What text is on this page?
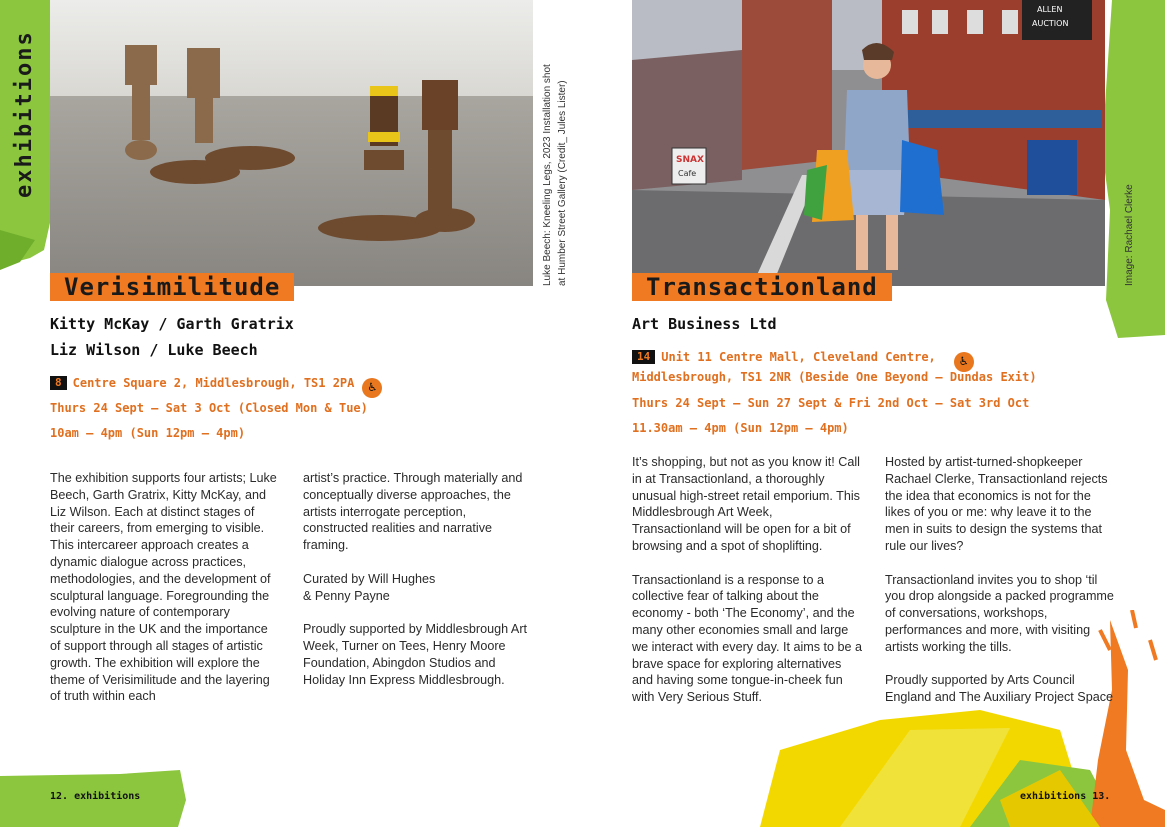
exhibitions	Luke Beech: Kneeling Legs, 2023 Installation shot at Humber Street Gallery (Credit_ Jules Lister)
Verisimilitude
Kitty McKay / Garth Gratrix
Liz Wilson / Luke Beech
8 Centre Square 2, Middlesbrough, TS1 2PA ♿
Thurs 24 Sept – Sat 3 Oct (Closed Mon & Tue)
10am – 4pm (Sun 12pm – 4pm)

The exhibition supports four artists; Luke Beech, Garth Gratrix, Kitty McKay, and Liz Wilson. Each at distinct stages of their careers, from emerging to visible. This intercareer approach creates a dynamic dialogue across practices, methodologies, and the development of sculptural language. Foregrounding the evolving nature of contemporary sculpture in the UK and the importance of support through all stages of artistic growth. The exhibition will explore the theme of Verisimilitude and the layering of truth within each

artist’s practice. Through materially and conceptually diverse approaches, the artists interrogate perception, constructed realities and narrative framing.

Curated by Will Hughes
& Penny Payne

Proudly supported by Middlesbrough Art Week, Turner on Tees, Henry Moore Foundation, Abingdon Studios and Holiday Inn Express Middlesbrough.

12. exhibitions
ALLEN
AUCTION
SNAX
Cafe
Image: Rachael Clerke
Transactionland
Art Business Ltd
14 Unit 11 Centre Mall, Cleveland Centre, ♿
Middlesbrough, TS1 2NR (Beside One Beyond – Dundas Exit)
Thurs 24 Sept – Sun 27 Sept & Fri 2nd Oct – Sat 3rd Oct
11.30am – 4pm (Sun 12pm – 4pm)

It’s shopping, but not as you know it! Call in at Transactionland, a thoroughly unusual high-street retail emporium. This Middlesbrough Art Week, Transactionland will be open for a bit of browsing and a spot of shoplifting.

Transactionland is a response to a collective fear of talking about the economy - both ‘The Economy’, and the many other economies small and large we interact with every day. It aims to be a brave space for exploring alternatives and having some tongue-in-cheek fun with Very Serious Stuff.

Hosted by artist-turned-shopkeeper Rachael Clerke, Transactionland rejects the idea that economics is not for the likes of you or me: why leave it to the men in suits to design the systems that rule our lives?

Transactionland invites you to shop ‘til you drop alongside a packed programme of conversations, workshops, performances and more, with visiting artists working the tills.

Proudly supported by Arts Council England and The Auxiliary Project Space

exhibitions 13.
